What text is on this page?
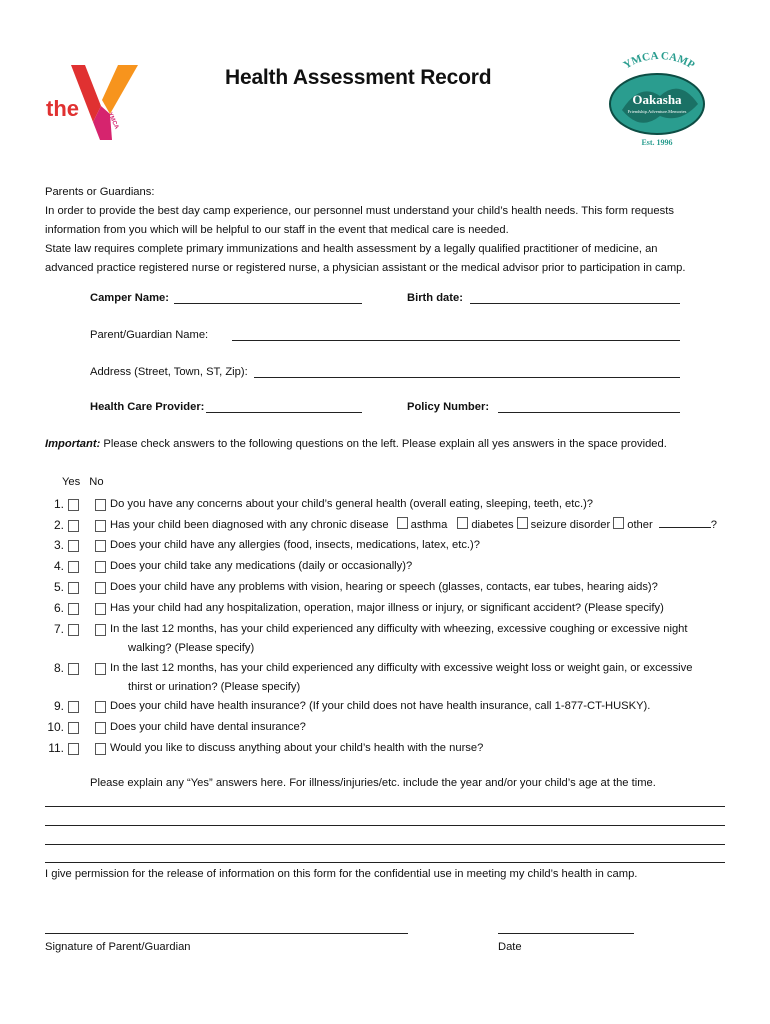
the
YMCA
Health Assessment Record
YMCA CAMP
Oakasha
Friendship.Adventure.Memories
Est. 1996
Parents or Guardians:
In order to provide the best day camp experience, our personnel must understand your child’s health needs. This form requests
information from you which will be helpful to our staff in the event that medical care is needed.
State law requires complete primary immunizations and health assessment by a legally qualified practitioner of medicine, an
advanced practice registered nurse or registered nurse, a physician assistant or the medical advisor prior to participation in camp.
Camper Name:	Birth date:
Parent/Guardian Name:
Address (Street, Town, ST, Zip):
Health Care Provider:	Policy Number:
Important: Please check answers to the following questions on the left. Please explain all yes answers in the space provided.
Yes No
1.	Do you have any concerns about your child’s general health (overall eating, sleeping, teeth, etc.)?
2.	Has your child been diagnosed with any chronic disease asthma diabetes seizure disorder other	?
3.	Does your child have any allergies (food, insects, medications, latex, etc.)?
4.	Does your child take any medications (daily or occasionally)?
5.	Does your child have any problems with vision, hearing or speech (glasses, contacts, ear tubes, hearing aids)?
6.	Has your child had any hospitalization, operation, major illness or injury, or significant accident? (Please specify)
7.	In the last 12 months, has your child experienced any difficulty with wheezing, excessive coughing or excessive night
walking? (Please specify)
8.	In the last 12 months, has your child experienced any difficulty with excessive weight loss or weight gain, or excessive
thirst or urination? (Please specify)
9.	Does your child have health insurance? (If your child does not have health insurance, call 1-877-CT-HUSKY).
10.	Does your child have dental insurance?
11.	Would you like to discuss anything about your child’s health with the nurse?
Please explain any “Yes” answers here. For illness/injuries/etc. include the year and/or your child’s age at the time.
I give permission for the release of information on this form for the confidential use in meeting my child’s health in camp.
Signature of Parent/Guardian	Date
